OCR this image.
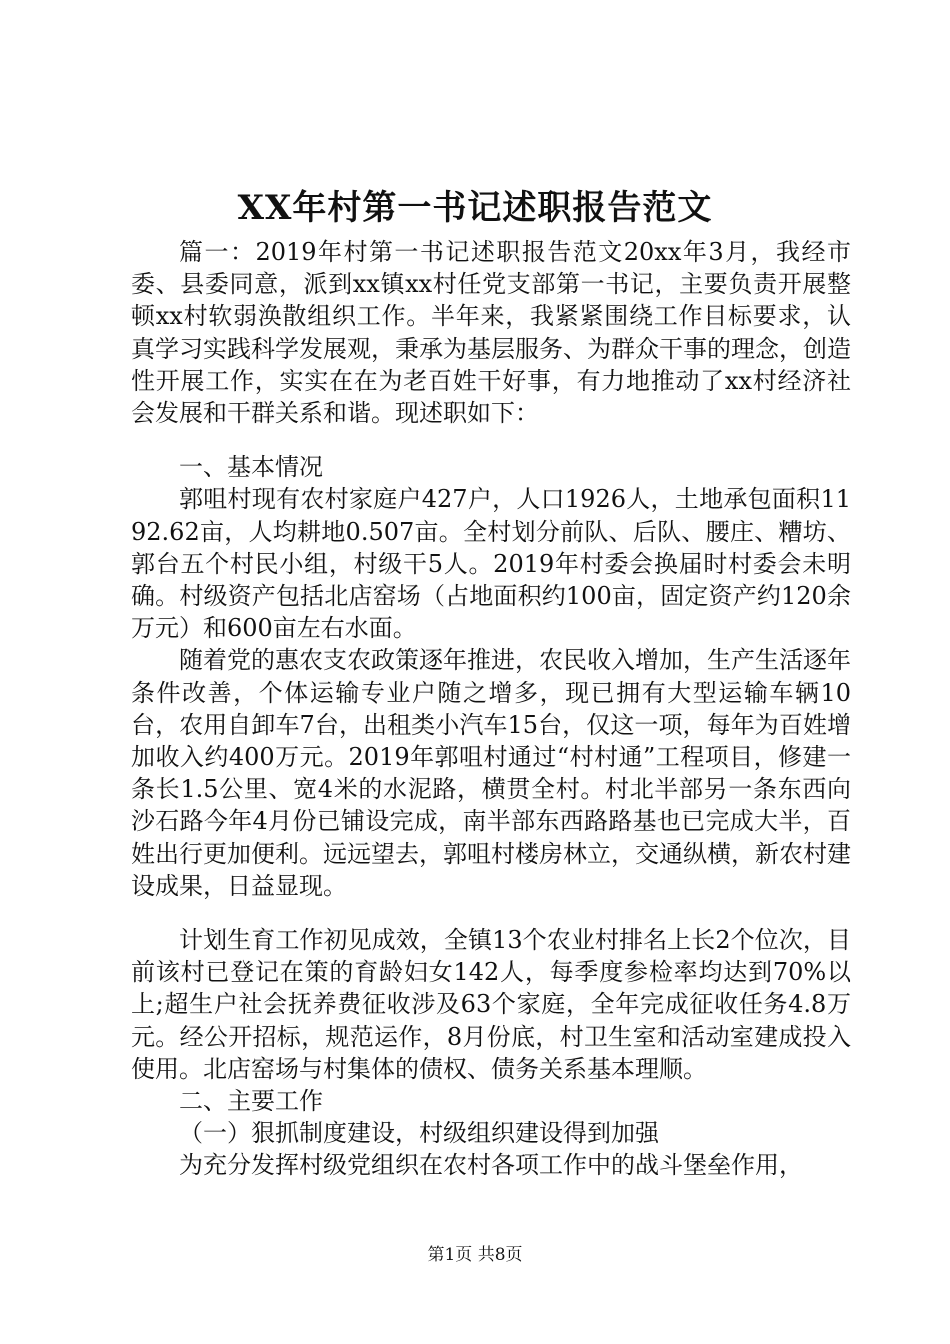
XX年村第一书记述职报告范文

篇一：2019年村第一书记述职报告范文20xx年3月，我经市委、县委同意，派到xx镇xx村任党支部第一书记，主要负责开展整顿xx村软弱涣散组织工作。半年来，我紧紧围绕工作目标要求，认真学习实践科学发展观，秉承为基层服务、为群众干事的理念，创造性开展工作，实实在在为老百姓干好事，有力地推动了xx村经济社会发展和干群关系和谐。现述职如下：

一、基本情况

郭咀村现有农村家庭户427户，人口1926人，土地承包面积1192.62亩，人均耕地0.507亩。全村划分前队、后队、腰庄、糟坊、郭台五个村民小组，村级干5人。2019年村委会换届时村委会未明确。村级资产包括北店窑场（占地面积约100亩，固定资产约120余万元）和600亩左右水面。

随着党的惠农支农政策逐年推进，农民收入增加，生产生活逐年条件改善，个体运输专业户随之增多，现已拥有大型运输车辆10台，农用自卸车7台，出租类小汽车15台，仅这一项，每年为百姓增加收入约400万元。2019年郭咀村通过“村村通”工程项目，修建一条长1.5公里、宽4米的水泥路，横贯全村。村北半部另一条东西向沙石路今年4月份已铺设完成，南半部东西路路基也已完成大半，百姓出行更加便利。远远望去，郭咀村楼房林立，交通纵横，新农村建设成果，日益显现。

计划生育工作初见成效，全镇13个农业村排名上长2个位次，目前该村已登记在策的育龄妇女142人，每季度参检率均达到70%以上;超生户社会抚养费征收涉及63个家庭，全年完成征收任务4.8万元。经公开招标，规范运作，8月份底，村卫生室和活动室建成投入使用。北店窑场与村集体的债权、债务关系基本理顺。

二、主要工作

（一）狠抓制度建设，村级组织建设得到加强

为充分发挥村级党组织在农村各项工作中的战斗堡垒作用，

第1页 共8页
